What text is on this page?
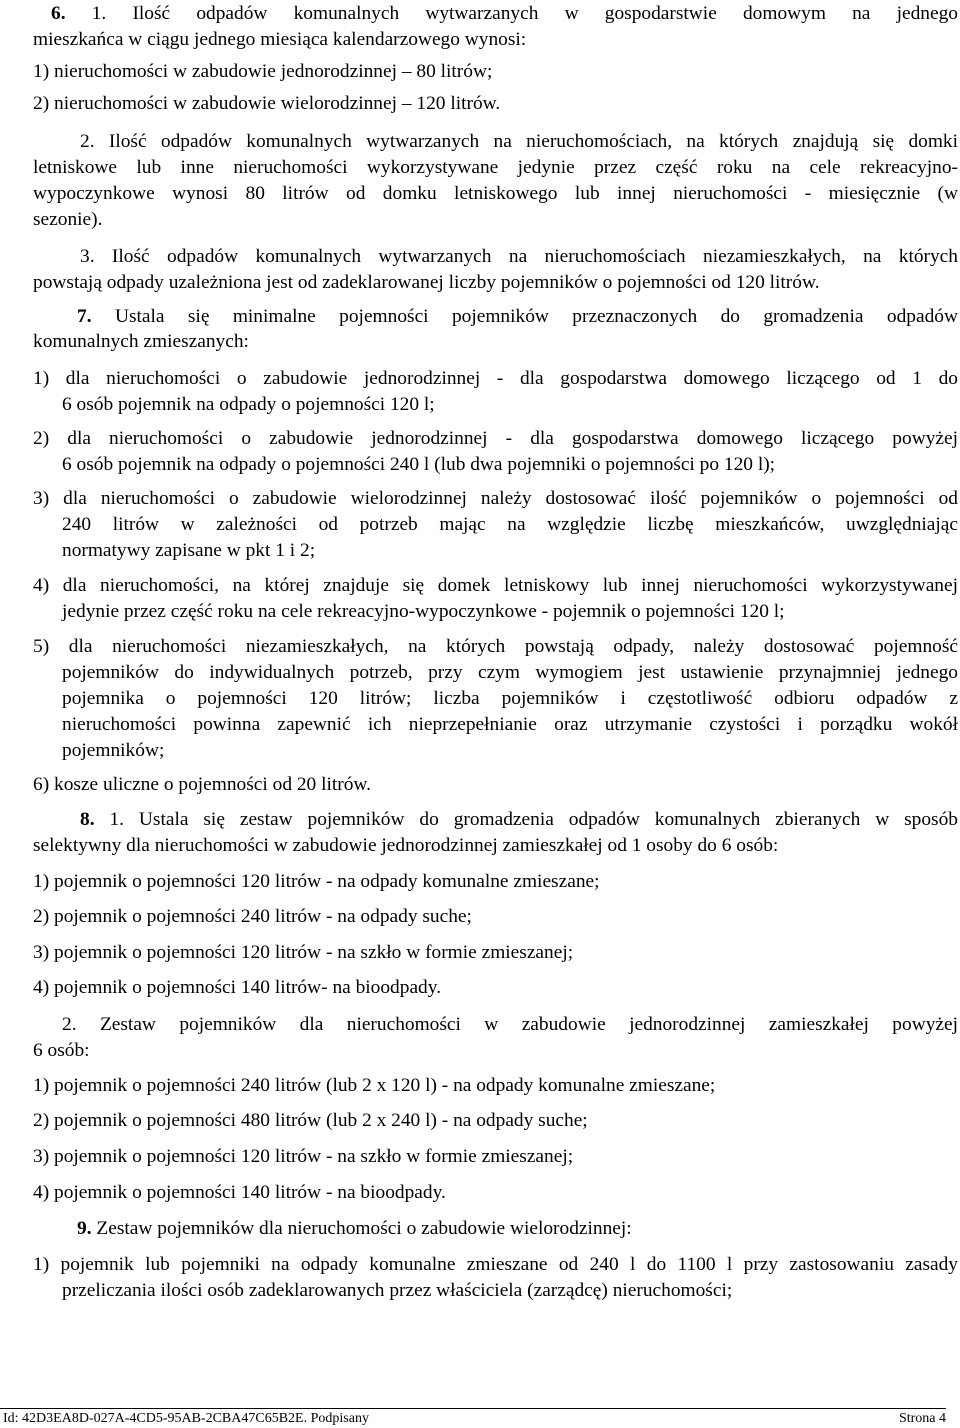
6. 1. Ilość odpadów komunalnych wytwarzanych w gospodarstwie domowym na jednego
mieszkańca w ciągu jednego miesiąca kalendarzowego wynosi:
1) nieruchomości w zabudowie jednorodzinnej – 80 litrów;
2) nieruchomości w zabudowie wielorodzinnej – 120 litrów.
2. Ilość odpadów komunalnych wytwarzanych na nieruchomościach, na których znajdują się domki
letniskowe lub inne nieruchomości wykorzystywane jedynie przez część roku na cele rekreacyjno-
wypoczynkowe wynosi 80 litrów od domku letniskowego lub innej nieruchomości - miesięcznie (w
sezonie).
3. Ilość odpadów komunalnych wytwarzanych na nieruchomościach niezamieszkałych, na których
powstają odpady uzależniona jest od zadeklarowanej liczby pojemników o pojemności od 120 litrów.
7. Ustala się minimalne pojemności pojemników przeznaczonych do gromadzenia odpadów
komunalnych zmieszanych:
1) dla nieruchomości o zabudowie jednorodzinnej - dla gospodarstwa domowego liczącego od 1 do
6 osób pojemnik na odpady o pojemności 120 l;
2) dla nieruchomości o zabudowie jednorodzinnej - dla gospodarstwa domowego liczącego powyżej
6 osób pojemnik na odpady o pojemności 240 l (lub dwa pojemniki o pojemności po 120 l);
3) dla nieruchomości o zabudowie wielorodzinnej należy dostosować ilość pojemników o pojemności od
240 litrów w zależności od potrzeb mając na względzie liczbę mieszkańców, uwzględniając
normatywy zapisane w pkt 1 i 2;
4) dla nieruchomości, na której znajduje się domek letniskowy lub innej nieruchomości wykorzystywanej
jedynie przez część roku na cele rekreacyjno-wypoczynkowe - pojemnik o pojemności 120 l;
5) dla nieruchomości niezamieszkałych, na których powstają odpady, należy dostosować pojemność
pojemników do indywidualnych potrzeb, przy czym wymogiem jest ustawienie przynajmniej jednego
pojemnika o pojemności 120 litrów; liczba pojemników i częstotliwość odbioru odpadów z
nieruchomości powinna zapewnić ich nieprzepełnianie oraz utrzymanie czystości i porządku wokół
pojemników;
6) kosze uliczne o pojemności od 20 litrów.
8. 1. Ustala się zestaw pojemników do gromadzenia odpadów komunalnych zbieranych w sposób
selektywny dla nieruchomości w zabudowie jednorodzinnej zamieszkałej od 1 osoby do 6 osób:
1) pojemnik o pojemności 120 litrów - na odpady komunalne zmieszane;
2) pojemnik o pojemności 240 litrów - na odpady suche;
3) pojemnik o pojemności 120 litrów - na szkło w formie zmieszanej;
4) pojemnik o pojemności 140 litrów- na bioodpady.
2. Zestaw pojemników dla nieruchomości w zabudowie jednorodzinnej zamieszkałej powyżej
6 osób:
1) pojemnik o pojemności 240 litrów (lub 2 x 120 l) - na odpady komunalne zmieszane;
2) pojemnik o pojemności 480 litrów (lub 2 x 240 l) - na odpady suche;
3) pojemnik o pojemności 120 litrów - na szkło w formie zmieszanej;
4) pojemnik o pojemności 140 litrów - na bioodpady.
9. Zestaw pojemników dla nieruchomości o zabudowie wielorodzinnej:
1) pojemnik lub pojemniki na odpady komunalne zmieszane od 240 l do 1100 l przy zastosowaniu zasady
przeliczania ilości osób zadeklarowanych przez właściciela (zarządcę) nieruchomości;
Id: 42D3EA8D-027A-4CD5-95AB-2CBA47C65B2E. Podpisany	Strona 4
